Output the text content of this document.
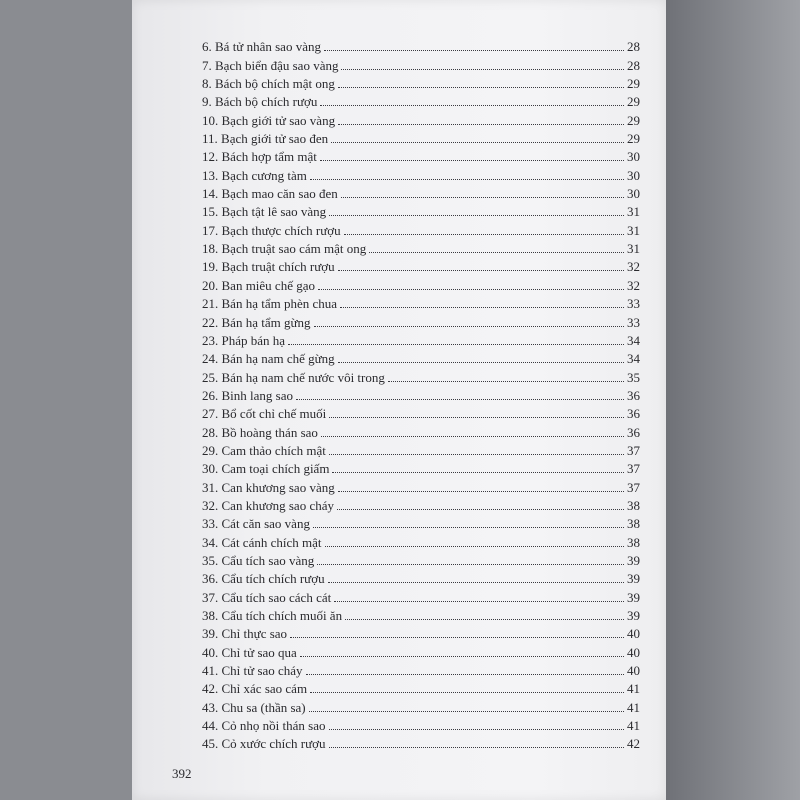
6. Bá tử nhân sao vàng	28
7. Bạch biển đậu sao vàng	28
8. Bách bộ chích mật ong	29
9. Bách bộ chích rượu	29
10. Bạch giới tử sao vàng	29
11. Bạch giới tử sao đen	29
12. Bách hợp tẩm mật	30
13. Bạch cương tàm	30
14. Bạch mao căn sao đen	30
15. Bạch tật lê sao vàng	31
17. Bạch thược chích rượu	31
18. Bạch truật sao cám mật ong	31
19. Bạch truật chích rượu	32
20. Ban miêu chế gạo	32
21. Bán hạ tẩm phèn chua	33
22. Bán hạ tẩm gừng	33
23. Pháp bán hạ	34
24. Bán hạ nam chế gừng	34
25. Bán hạ nam chế nước vôi trong	35
26. Binh lang sao	36
27. Bổ cốt chỉ chế muối	36
28. Bồ hoàng thán sao	36
29. Cam thảo chích mật	37
30. Cam toại chích giấm	37
31. Can khương sao vàng	37
32. Can khương sao cháy	38
33. Cát căn sao vàng	38
34. Cát cánh chích mật	38
35. Cẩu tích sao vàng	39
36. Cẩu tích chích rượu	39
37. Cẩu tích sao cách cát	39
38. Cẩu tích chích muối ăn	39
39. Chỉ thực sao	40
40. Chỉ tử sao qua	40
41. Chỉ tử sao cháy	40
42. Chỉ xác sao cám	41
43. Chu sa (thần sa)	41
44. Cỏ nhọ nồi thán sao	41
45. Cỏ xước chích rượu	42
392
